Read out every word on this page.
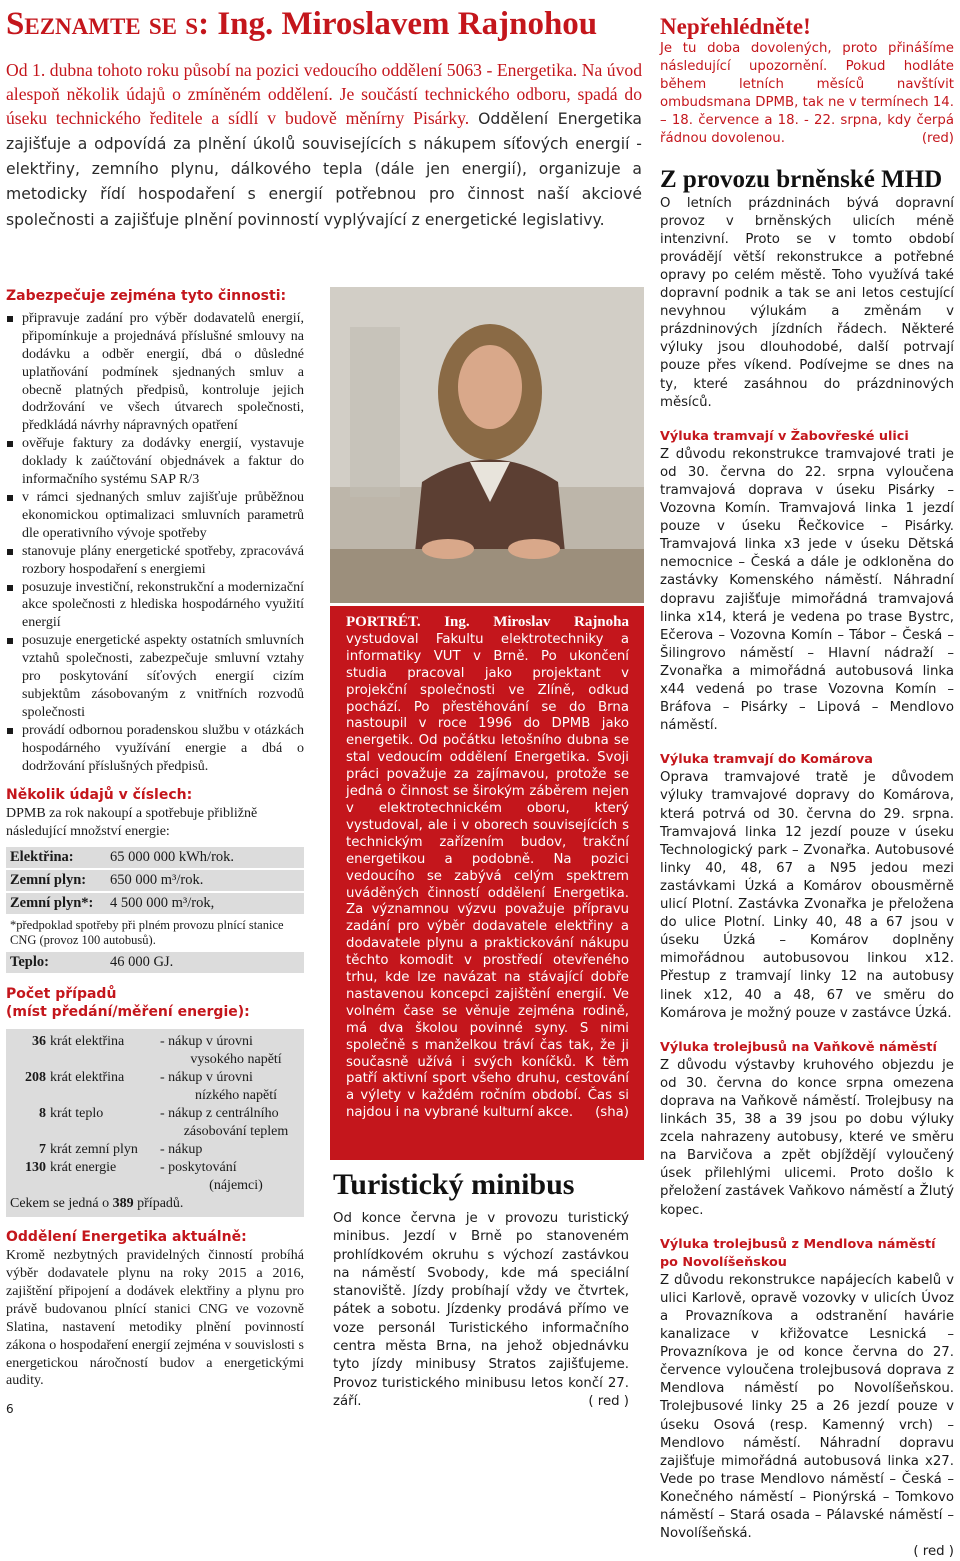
Seznamte se s: Ing. Miroslavem Rajnohou
Od 1. dubna tohoto roku působí na pozici vedoucího oddělení 5063 - Energetika. Na úvod alespoň několik údajů o zmíněném oddělení. Je součástí technického odboru, spadá do úseku technického ředitele a sídlí v budově měnírny Pisárky. Oddělení Energetika zajišťuje a odpovídá za plnění úkolů souvisejících s nákupem síťových energií - elektřiny, zemního plynu, dálkového tepla (dále jen energií), organizuje a metodicky řídí hospodaření s energií potřebnou pro činnost naší akciové společnosti a zajišťuje plnění povinností vyplývající z energetické legislativy.
Zabezpečuje zejména tyto činnosti:
připravuje zadání pro výběr dodavatelů energií, připomínkuje a projednává příslušné smlouvy na dodávku a odběr energií, dbá o důsledné uplatňování podmínek sjednaných smluv a obecně platných předpisů, kontroluje jejich dodržování ve všech útvarech společnosti, předkládá návrhy nápravných opatření
ověřuje faktury za dodávky energií, vystavuje doklady k zaúčtování objednávek a faktur do informačního systému SAP R/3
v rámci sjednaných smluv zajišťuje průběžnou ekonomickou optimalizaci smluvních parametrů dle operativního vývoje spotřeby
stanovuje plány energetické spotřeby, zpracovává rozbory hospodaření s energiemi
posuzuje investiční, rekonstrukční a modernizační akce společnosti z hlediska hospodárného využití energií
posuzuje energetické aspekty ostatních smluvních vztahů společnosti, zabezpečuje smluvní vztahy pro poskytování síťových energií cizím subjektům zásobovaným z vnitřních rozvodů společnosti
provádí odbornou poradenskou službu v otázkách hospodárného využívání energie a dbá o dodržování příslušných předpisů.
Několik údajů v číslech:
DPMB za rok nakoupí a spotřebuje přibližně následující množství energie:
Elektřina:	65 000 000 kWh/rok.
Zemní plyn: 650 000 m³/rok.
Zemní plyn*: 4 500 000 m³/rok,
*předpoklad spotřeby při plném provozu plnící stanice CNG (provoz 100 autobusů).
Teplo:	46 000 GJ.
Počet případů
(míst předání/měření energie):
36 krát elektřina	- nákup v úrovni
vysokého napětí
208 krát elektřina	- nákup v úrovni
nízkého napětí
8 krát teplo	- nákup z centrálního
zásobování teplem
7 krát zemní plyn	- nákup
130 krát energie	- poskytování
(nájemci)
Cekem se jedná o 389 případů.
Oddělení Energetika aktuálně:
Kromě nezbytných pravidelných činností probíhá výběr dodavatele plynu na roky 2015 a 2016, zajištění připojení a dodávek elektřiny a plynu pro právě budovanou plnící stanici CNG ve vozovně Slatina, nastavení metodiky plnění povinností zákona o hospodaření energií zejména v souvislosti s energetickou náročností budov a energetickými audity.
PORTRÉT. Ing. Miroslav Rajnoha vystudoval Fakultu elektrotechniky a informatiky VUT v Brně. Po ukončení studia pracoval jako projektant v projekční společnosti ve Zlíně, odkud pochází. Po přestěhování se do Brna nastoupil v roce 1996 do DPMB jako energetik. Od počátku letošního dubna se stal vedoucím oddělení Energetika. Svoji práci považuje za zajímavou, protože se jedná o činnost se širokým záběrem nejen v elektrotechnickém oboru, který vystudoval, ale i v oborech souvisejících s technickým zařízením budov, trakční energetikou a podobně. Na pozici vedoucího se zabývá celým spektrem uváděných činností oddělení Energetika. Za významnou výzvu považuje přípravu zadání pro výběr dodavatele elektřiny a dodavatele plynu a praktickování nákupu těchto komodit v prostředí otevřeného trhu, kde lze navázat na stávající dobře nastavenou koncepci zajištění energií. Ve volném čase se věnuje zejména rodině, má dva školou povinné syny. S nimi společně s manželkou tráví čas tak, že ji současně užívá i svých koníčků. K těm patří aktivní sport všeho druhu, cestování a výlety v každém ročním období. Čas si najdou i na vybrané kulturní akce. (sha)
Turistický minibus
Od konce června je v provozu turistický minibus. Jezdí v Brně po stanoveném prohlídkovém okruhu s výchozí zastávkou na náměstí Svobody, kde má speciální stanoviště. Jízdy probíhají vždy ve čtvrtek, pátek a sobotu. Jízdenky prodává přímo ve voze personál Turistického informačního centra města Brna, na jehož objednávku tyto jízdy minibusy Stratos zajišťujeme. Provoz turistického minibusu letos končí 27. září.	( red )
Nepřehlédněte!
Je tu doba dovolených, proto přinášíme následující upozornění. Pokud hodláte během letních měsíců navštívit ombudsmana DPMB, tak ne v termínech 14. – 18. července a 18. - 22. srpna, kdy čerpá řádnou dovolenou.	(red)
Z provozu brněnské MHD
O letních prázdninách bývá dopravní provoz v brněnských ulicích méně intenzivní. Proto se v tomto období provádějí větší rekonstrukce a potřebné opravy po celém městě. Toho využívá také dopravní podnik a tak se ani letos cestující nevyhnou výlukám a změnám v prázdninových jízdních řádech. Některé výluky jsou dlouhodobé, další potrvají pouze přes víkend. Podívejme se dnes na ty, které zasáhnou do prázdninových měsíců.
Výluka tramvají v Žabovřeské ulici
Z důvodu rekonstrukce tramvajové trati je od 30. června do 22. srpna vyloučena tramvajová doprava v úseku Pisárky – Vozovna Komín. Tramvajová linka 1 jezdí pouze v úseku Řečkovice – Pisárky. Tramvajová linka x3 jede v úseku Dětská nemocnice – Česká a dále je odkloněna do zastávky Komenského náměstí. Náhradní dopravu zajišťuje mimořádná tramvajová linka x14, která je vedena po trase Bystrc, Ečerova – Vozovna Komín – Tábor – Česká – Šilingrovo náměstí – Hlavní nádraží – Zvonařka a mimořádná autobusová linka x44 vedená po trase Vozovna Komín – Bráfova – Pisárky – Lipová – Mendlovo náměstí.
Výluka tramvají do Komárova
Oprava tramvajové tratě je důvodem výluky tramvajové dopravy do Komárova, která potrvá od 30. června do 29. srpna. Tramvajová linka 12 jezdí pouze v úseku Technologický park – Zvonařka. Autobusové linky 40, 48, 67 a N95 jedou mezi zastávkami Úzká a Komárov obousměrně ulicí Plotní. Zastávka Zvonařka je přeložena do ulice Plotní. Linky 40, 48 a 67 jsou v úseku Úzká – Komárov doplněny mimořádnou autobusovou linkou x12. Přestup z tramvají linky 12 na autobusy linek x12, 40 a 48, 67 ve směru do Komárova je možný pouze v zastávce Úzká.
Výluka trolejbusů na Vaňkově náměstí
Z důvodu výstavby kruhového objezdu je od 30. června do konce srpna omezena doprava na Vaňkově náměstí. Trolejbusy na linkách 35, 38 a 39 jsou po dobu výluky zcela nahrazeny autobusy, které ve směru na Barvičova a zpět objíždějí vyloučený úsek přilehlými ulicemi. Proto došlo k přeložení zastávek Vaňkovo náměstí a Žlutý kopec.
Výluka trolejbusů z Mendlova náměstí po Novolíšeňskou
Z důvodu rekonstrukce napájecích kabelů v ulici Karlově, opravě vozovky v ulicích Úvoz a Provazníkova a odstranění havárie kanalizace v křižovatce Lesnická – Provazníkova je od konce června do 27. července vyloučena trolejbusová doprava z Mendlova náměstí po Novolíšeňskou. Trolejbusové linky 25 a 26 jezdí pouze v úseku Osová (resp. Kamenný vrch) – Mendlovo náměstí. Náhradní dopravu zajišťuje mimořádná autobusová linka x27. Vede po trase Mendlovo náměstí – Česká – Konečného náměstí – Pionýrská – Tomkovo náměstí – Stará osada – Pálavské náměstí – Novolíšeňská.
( red )
6
